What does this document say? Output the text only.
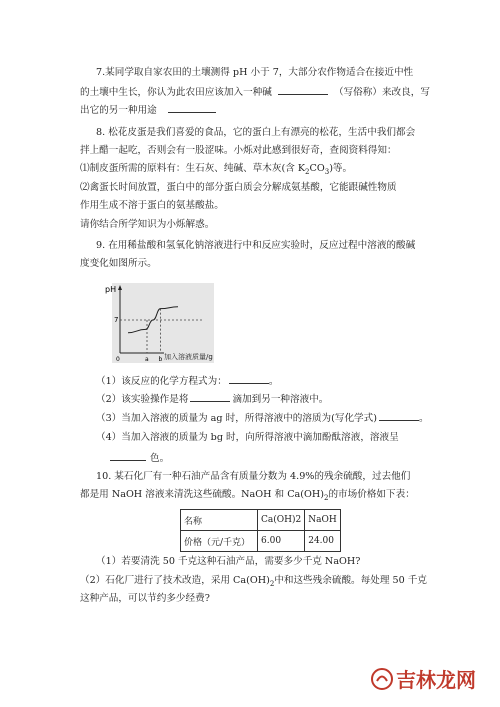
7.某同学取自家农田的土壤测得 pH 小于 7，大部分农作物适合在接近中性
的土壤中生长，你认为此农田应该加入一种碱	（写俗称）来改良，写
出它的另一种用途
8. 松花皮蛋是我们喜爱的食品，它的蛋白上有漂亮的松花，生活中我们都会
拌上醋一起吃，否则会有一股涩味。小烁对此感到很好奇，查阅资料得知：
⑴制皮蛋所需的原料有：生石灰、纯碱、草木灰(含 $K_2CO_3$)等。
⑵禽蛋长时间放置，蛋白中的部分蛋白质会分解成氨基酸，它能跟碱性物质
作用生成不溶于蛋白的氨基酸盐。
请你结合所学知识为小烁解惑。
9. 在用稀盐酸和氢氧化钠溶液进行中和反应实验时，反应过程中溶液的酸碱
度变化如图所示。
pH
7
0	a b 加入溶液质量/g
（1）该反应的化学方程式为：	。
（2）该实验操作是将	滴加到另一种溶液中。
（3）当加入溶液的质量为 ag 时，所得溶液中的溶质为(写化学式)	。
（4）当加入溶液的质量为 bg 时，向所得溶液中滴加酚酞溶液，溶液呈
色。
10. 某石化厂有一种石油产品含有质量分数为 4.9%的残余硫酸，过去他们
都是用 NaOH 溶液来清洗这些硫酸。NaOH 和 $Ca(OH)_2$的市场价格如下表：
名称	Ca(OH)2	NaOH
价格（元/千克）	6.00	24.00
（1）若要清洗 50 千克这种石油产品，需要多少千克 NaOH?
（2）石化厂进行了技术改造，采用 $Ca(OH)_2$中和这些残余硫酸。每处理 50 千克
这种产品，可以节约多少经费?
吉林龙网
